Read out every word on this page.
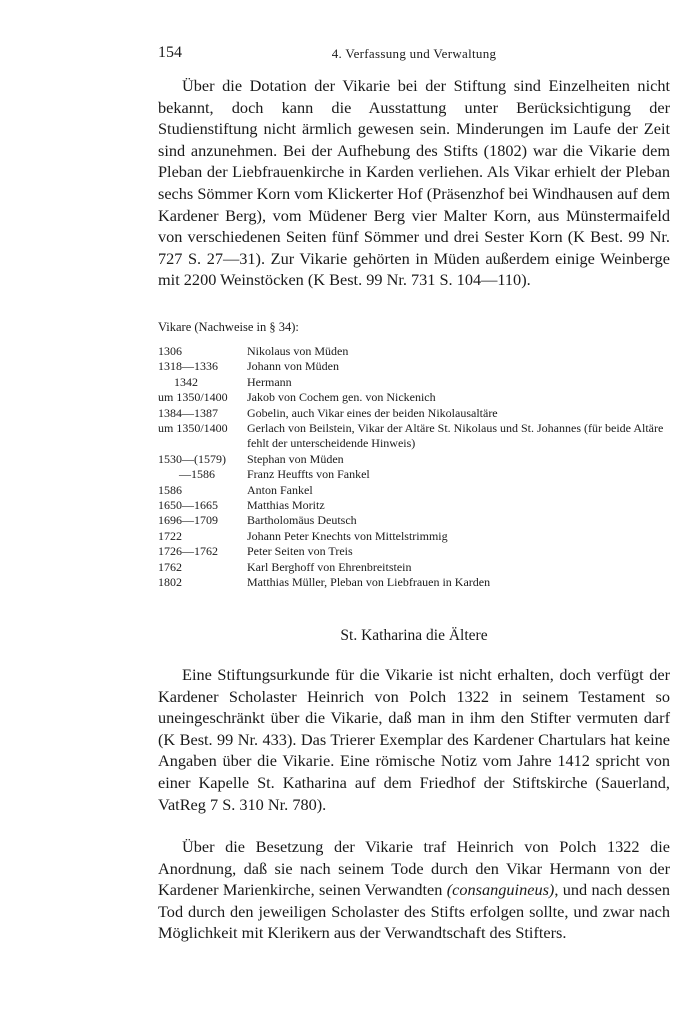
154	4. Verfassung und Verwaltung

Über die Dotation der Vikarie bei der Stiftung sind Einzelheiten nicht bekannt, doch kann die Ausstattung unter Berücksichtigung der Studienstiftung nicht ärmlich gewesen sein. Minderungen im Laufe der Zeit sind anzunehmen. Bei der Aufhebung des Stifts (1802) war die Vikarie dem Pleban der Liebfrauenkirche in Karden verliehen. Als Vikar erhielt der Pleban sechs Sömmer Korn vom Klickerter Hof (Präsenzhof bei Windhausen auf dem Kardener Berg), vom Müdener Berg vier Malter Korn, aus Münstermaifeld von verschiedenen Seiten fünf Sömmer und drei Sester Korn (K Best. 99 Nr. 727 S. 27—31). Zur Vikarie gehörten in Müden außerdem einige Weinberge mit 2200 Weinstöcken (K Best. 99 Nr. 731 S. 104—110).

Vikare (Nachweise in § 34):

1306	Nikolaus von Müden
1318—1336	Johann von Müden
1342	Hermann
um 1350/1400	Jakob von Cochem gen. von Nickenich
1384—1387	Gobelin, auch Vikar eines der beiden Nikolausaltäre
um 1350/1400	Gerlach von Beilstein, Vikar der Altäre St. Nikolaus und St. Johannes (für beide Altäre fehlt der unterscheidende Hinweis)
1530—(1579)	Stephan von Müden
—1586	Franz Heuffts von Fankel
1586	Anton Fankel
1650—1665	Matthias Moritz
1696—1709	Bartholomäus Deutsch
1722	Johann Peter Knechts von Mittelstrimmig
1726—1762	Peter Seiten von Treis
1762	Karl Berghoff von Ehrenbreitstein
1802	Matthias Müller, Pleban von Liebfrauen in Karden
St. Katharina die Ältere

Eine Stiftungsurkunde für die Vikarie ist nicht erhalten, doch verfügt der Kardener Scholaster Heinrich von Polch 1322 in seinem Testament so uneingeschränkt über die Vikarie, daß man in ihm den Stifter vermuten darf (K Best. 99 Nr. 433). Das Trierer Exemplar des Kardener Chartulars hat keine Angaben über die Vikarie. Eine römische Notiz vom Jahre 1412 spricht von einer Kapelle St. Katharina auf dem Friedhof der Stiftskirche (Sauerland, VatReg 7 S. 310 Nr. 780).

Über die Besetzung der Vikarie traf Heinrich von Polch 1322 die Anordnung, daß sie nach seinem Tode durch den Vikar Hermann von der Kardener Marienkirche, seinen Verwandten (consanguineus), und nach dessen Tod durch den jeweiligen Scholaster des Stifts erfolgen sollte, und zwar nach Möglichkeit mit Klerikern aus der Verwandtschaft des Stifters.
